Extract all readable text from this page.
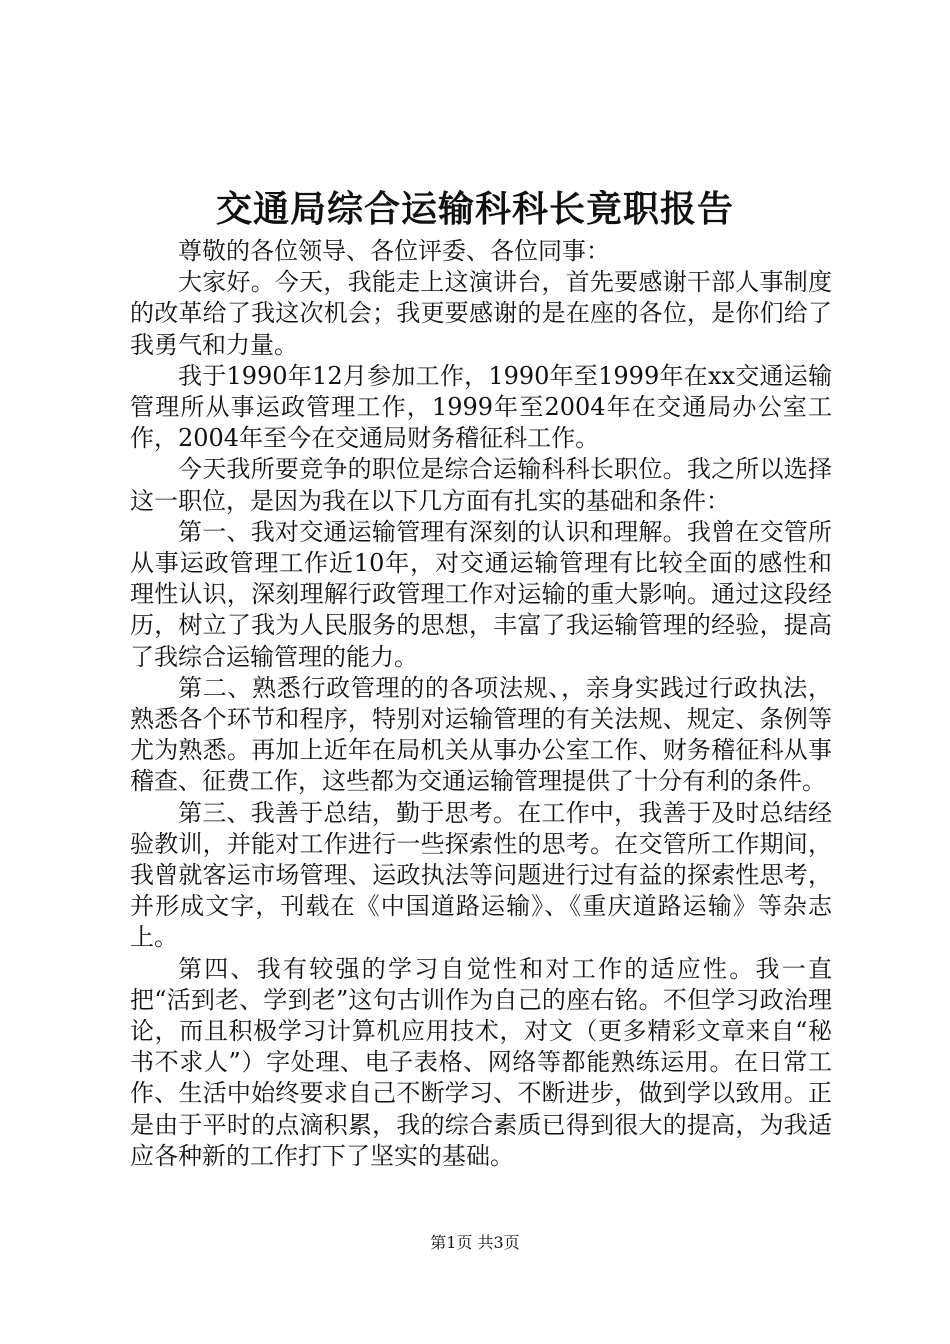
交通局综合运输科科长竟职报告

尊敬的各位领导、各位评委、各位同事：

大家好。今天，我能走上这演讲台，首先要感谢干部人事制度的改革给了我这次机会；我更要感谢的是在座的各位，是你们给了我勇气和力量。

我于1990年12月参加工作，1990年至1999年在xx交通运输管理所从事运政管理工作，1999年至2004年在交通局办公室工作，2004年至今在交通局财务稽征科工作。

今天我所要竞争的职位是综合运输科科长职位。我之所以选择这一职位，是因为我在以下几方面有扎实的基础和条件：

第一、我对交通运输管理有深刻的认识和理解。我曾在交管所从事运政管理工作近10年，对交通运输管理有比较全面的感性和理性认识，深刻理解行政管理工作对运输的重大影响。通过这段经历，树立了我为人民服务的思想，丰富了我运输管理的经验，提高了我综合运输管理的能力。

第二、熟悉行政管理的的各项法规、，亲身实践过行政执法，熟悉各个环节和程序，特别对运输管理的有关法规、规定、条例等尤为熟悉。再加上近年在局机关从事办公室工作、财务稽征科从事稽查、征费工作，这些都为交通运输管理提供了十分有利的条件。

第三、我善于总结，勤于思考。在工作中，我善于及时总结经验教训，并能对工作进行一些探索性的思考。在交管所工作期间，我曾就客运市场管理、运政执法等问题进行过有益的探索性思考，并形成文字，刊载在《中国道路运输》、《重庆道路运输》等杂志上。

第四、我有较强的学习自觉性和对工作的适应性。我一直把“活到老、学到老”这句古训作为自己的座右铭。不但学习政治理论，而且积极学习计算机应用技术，对文（更多精彩文章来自“秘书不求人”）字处理、电子表格、网络等都能熟练运用。在日常工作、生活中始终要求自己不断学习、不断进步，做到学以致用。正是由于平时的点滴积累，我的综合素质已得到很大的提高，为我适应各种新的工作打下了坚实的基础。

第1页 共3页
